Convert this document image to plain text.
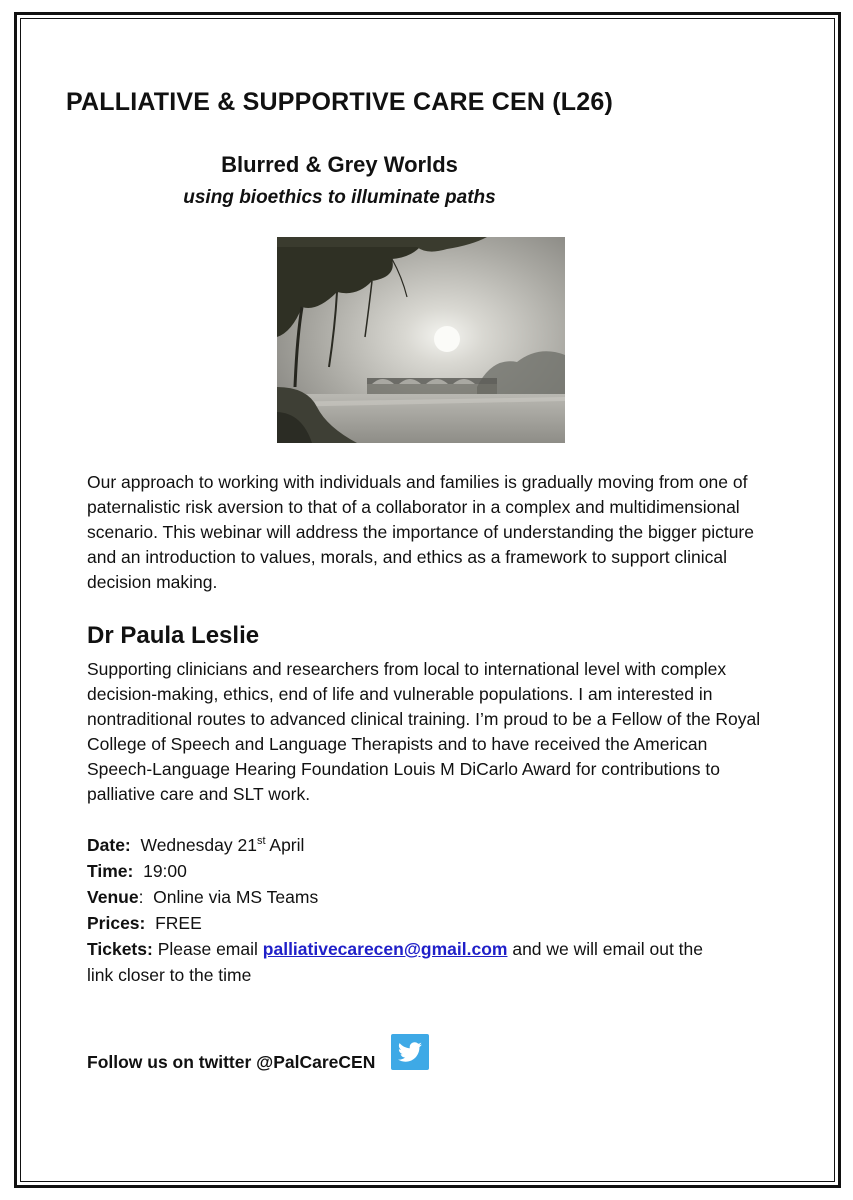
PALLIATIVE & SUPPORTIVE CARE CEN (L26)
Blurred & Grey Worlds
using bioethics to illuminate paths
Our approach to working with individuals and families is gradually moving from one of paternalistic risk aversion to that of a collaborator in a complex and multidimensional scenario. This webinar will address the importance of understanding the bigger picture and an introduction to values, morals, and ethics as a framework to support clinical decision making.
Dr Paula Leslie
Supporting clinicians and researchers from local to international level with complex decision-making, ethics, end of life and vulnerable populations. I am interested in nontraditional routes to advanced clinical training. I’m proud to be a Fellow of the Royal College of Speech and Language Therapists and to have received the American Speech-Language Hearing Foundation Louis M DiCarlo Award for contributions to palliative care and SLT work.
Date: Wednesday 21st April
Time: 19:00
Venue: Online via MS Teams
Prices: FREE
Tickets: Please email palliativecarecen@gmail.com and we will email out the
link closer to the time
Follow us on twitter @PalCareCEN
